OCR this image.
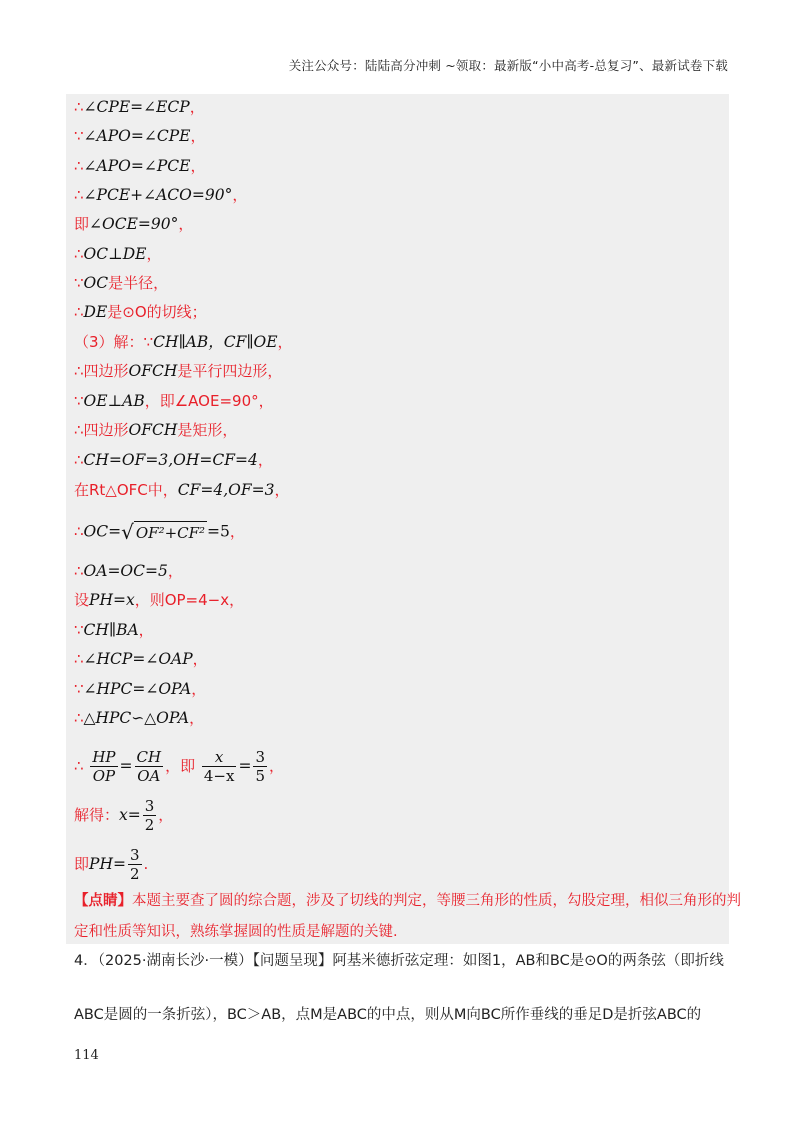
关注公众号：陆陆高分冲刺 ~领取：最新版“小中高考-总复习”、最新试卷下载
∴∠CPE=∠ECP，
∵∠APO=∠CPE，
∴∠APO=∠PCE，
∴∠PCE+∠ACO=90°，
即∠OCE=90°，
∴OC⊥DE，
∵OC是半径，
∴DE是⊙O的切线；
（3）解：∵CH∥AB，CF∥OE，
∴四边形OFCH是平行四边形，
∵OE⊥AB，即∠AOE=90°，
∴四边形OFCH是矩形，
∴CH=OF=3,OH=CF=4，
在Rt△OFC中，CF=4,OF=3，
∴OA=OC=5，
设PH=x，则OP=4−x，
∵CH∥BA，
∴∠HCP=∠OAP，
∵∠HPC=∠OPA，
∴△HPC∽△OPA，
∴OC=√ OF²+CF² =5，
∴ $\frac{HP}{OP} = \frac{CH}{OA}$ ，即 $\frac{x}{4-x} = \frac{3}{5}$ ，
解得：$x= \frac{3}{2}$ ，
即$PH= \frac{3}{2}$ .
【点睛】本题主要查了圆的综合题，涉及了切线的判定，等腰三角形的性质，勾股定理，相似三角形的判
定和性质等知识，熟练掌握圆的性质是解题的关键.
4．（2025·湖南长沙·一模）【问题呈现】阿基米德折弦定理：如图1，AB和BC是⊙O的两条弦（即折线
ABC是圆的一条折弦），BC＞AB，点M是ABC的中点，则从M向BC所作垂线的垂足D是折弦ABC的
114
